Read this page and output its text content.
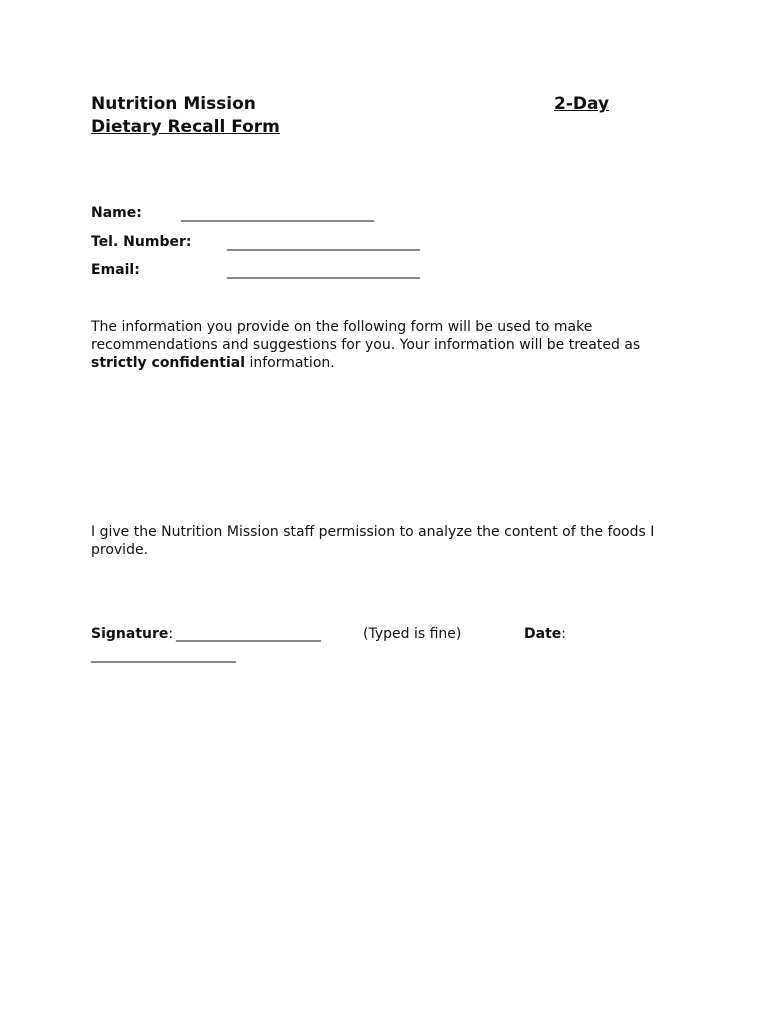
Nutrition Mission	2-Day
Dietary Recall Form
Name:	________________________________
Tel. Number:	________________________________
Email:	________________________________
The information you provide on the following form will be used to make recommendations and suggestions for you. Your information will be treated as strictly confidential information.
I give the Nutrition Mission staff permission to analyze the content of the foods I provide.
Signature: ________________________	(Typed is fine)	Date:
________________________
